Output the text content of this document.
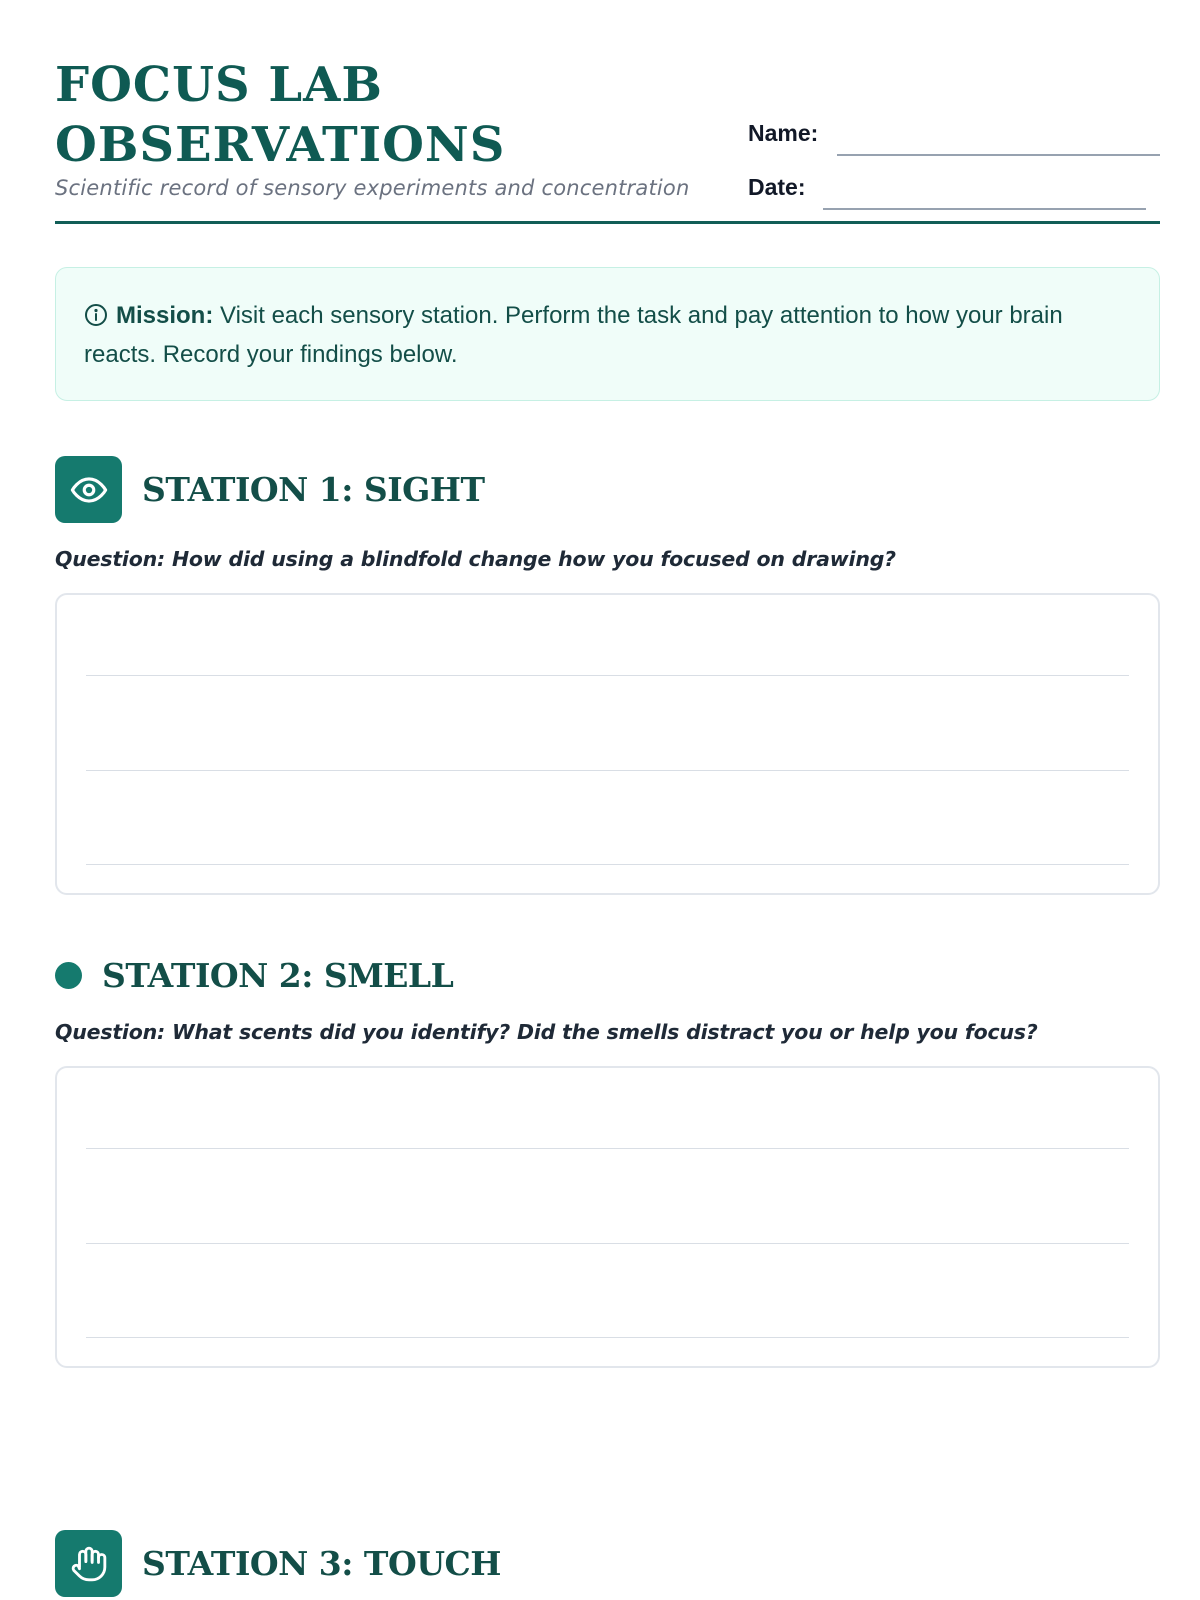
FOCUS LAB
OBSERVATIONS
Scientific record of sensory experiments and concentration
Name:
Date:
Mission: Visit each sensory station. Perform the task and pay attention to how your brain reacts. Record your findings below.
STATION 1: SIGHT
Question: How did using a blindfold change how you focused on drawing?
STATION 2: SMELL
Question: What scents did you identify? Did the smells distract you or help you focus?
STATION 3: TOUCH
